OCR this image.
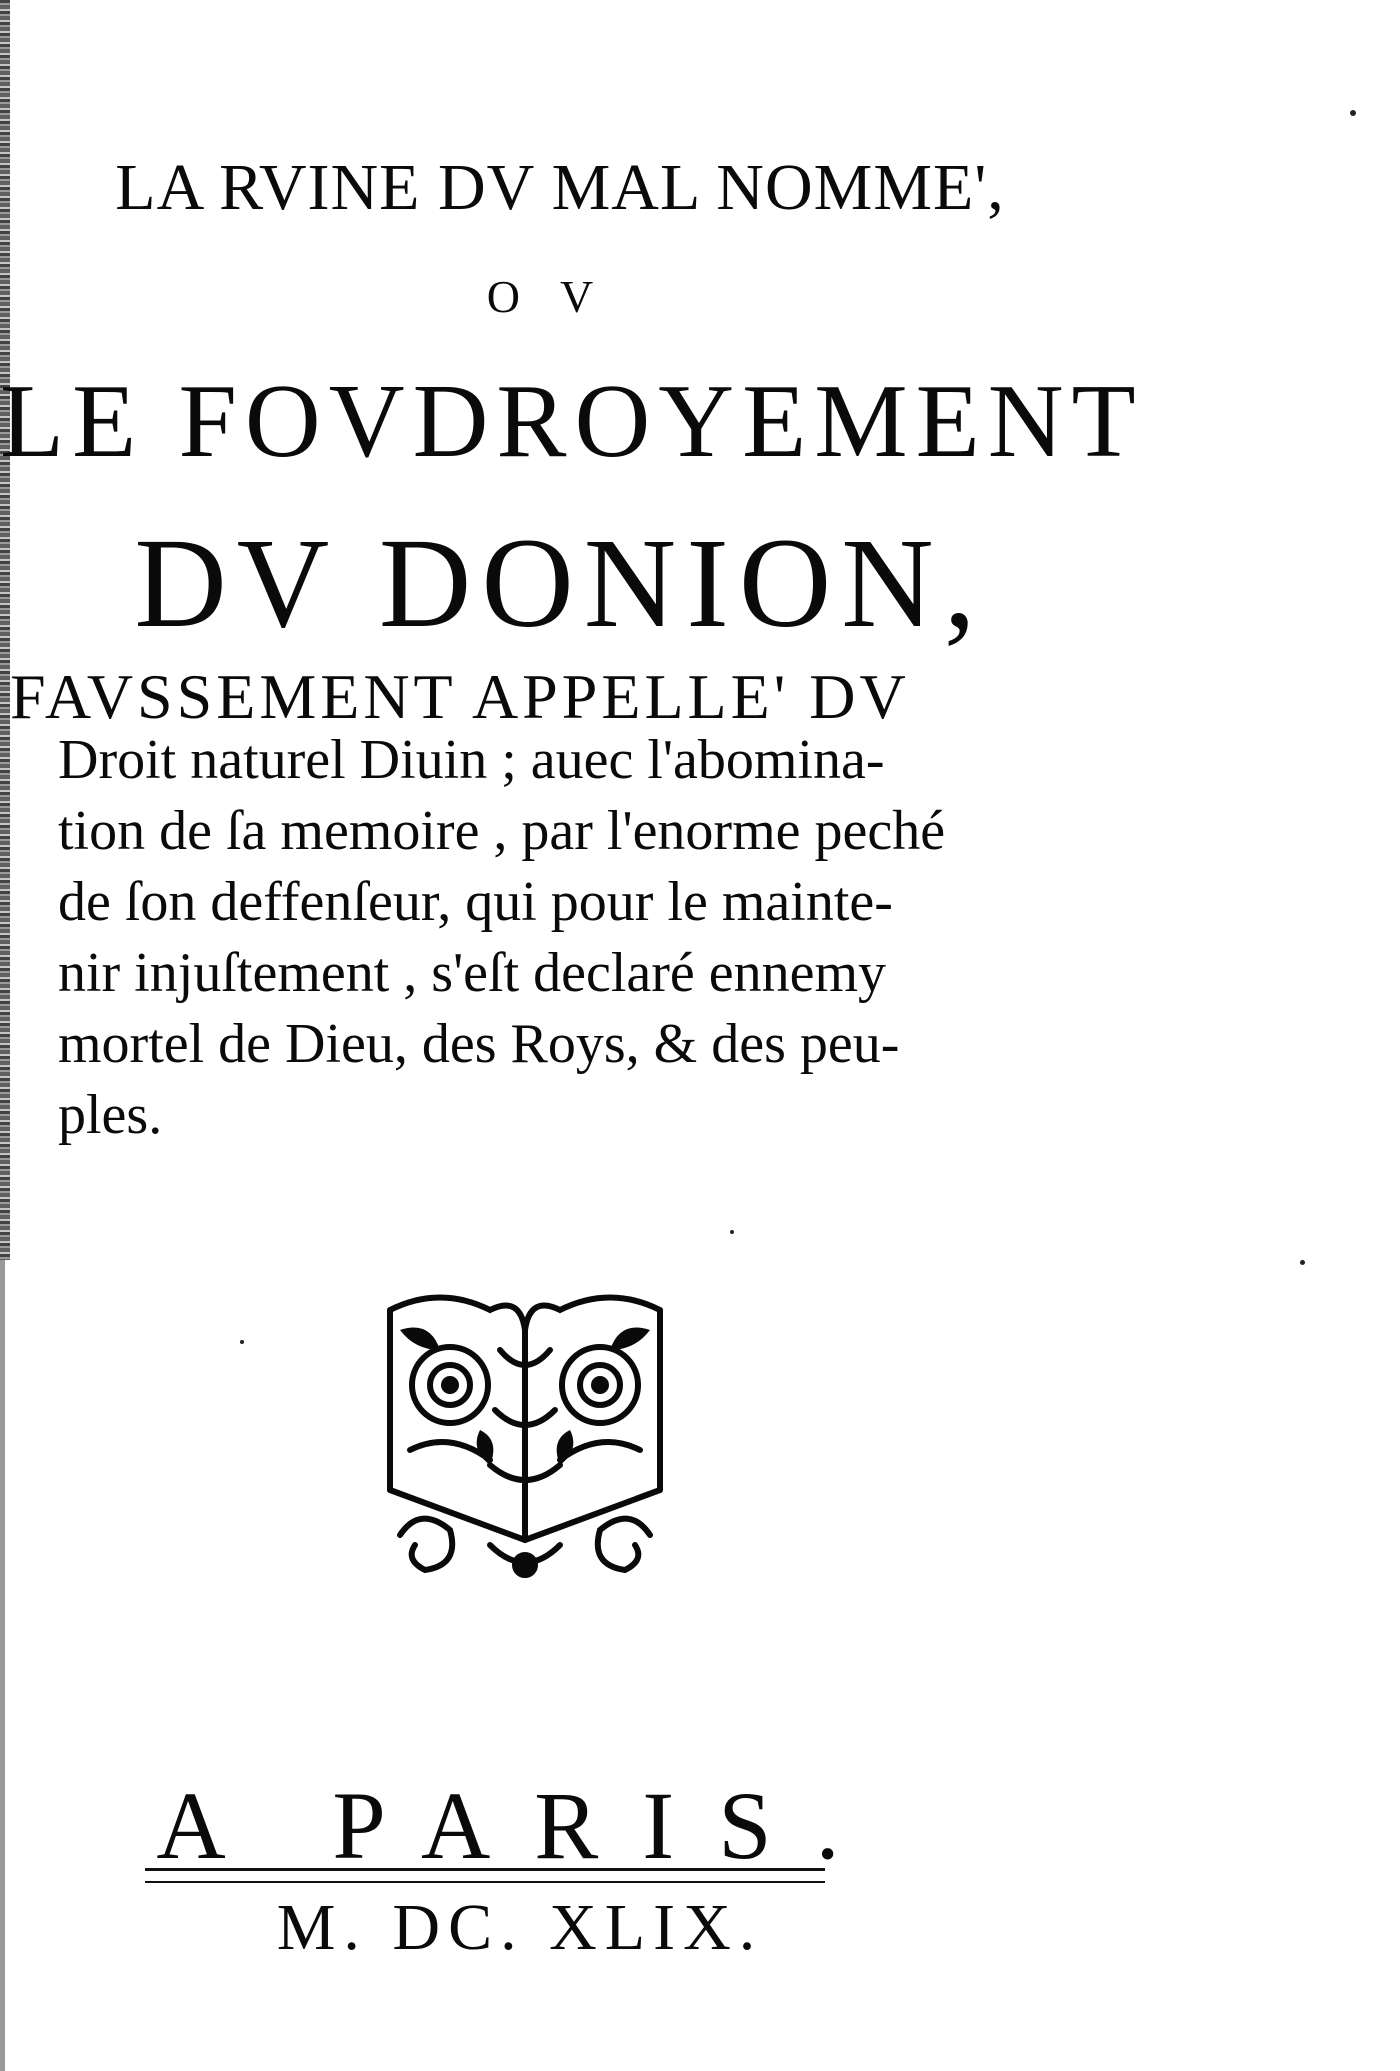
LA RVINE DV MAL NOMME',
OV
LE FOVDROYEMENT
DV DONION,
FAVSSEMENT APPELLE' DV
Droit naturel Diuin ; auec l'abomina-
tion de ſa memoire , par l'enorme peché
de ſon deffenſeur, qui pour le mainte-
nir injuſtement , s'eſt declaré ennemy
mortel de Dieu, des Roys, & des peu-
ples.
A PARIS.
M. DC. XLIX.
